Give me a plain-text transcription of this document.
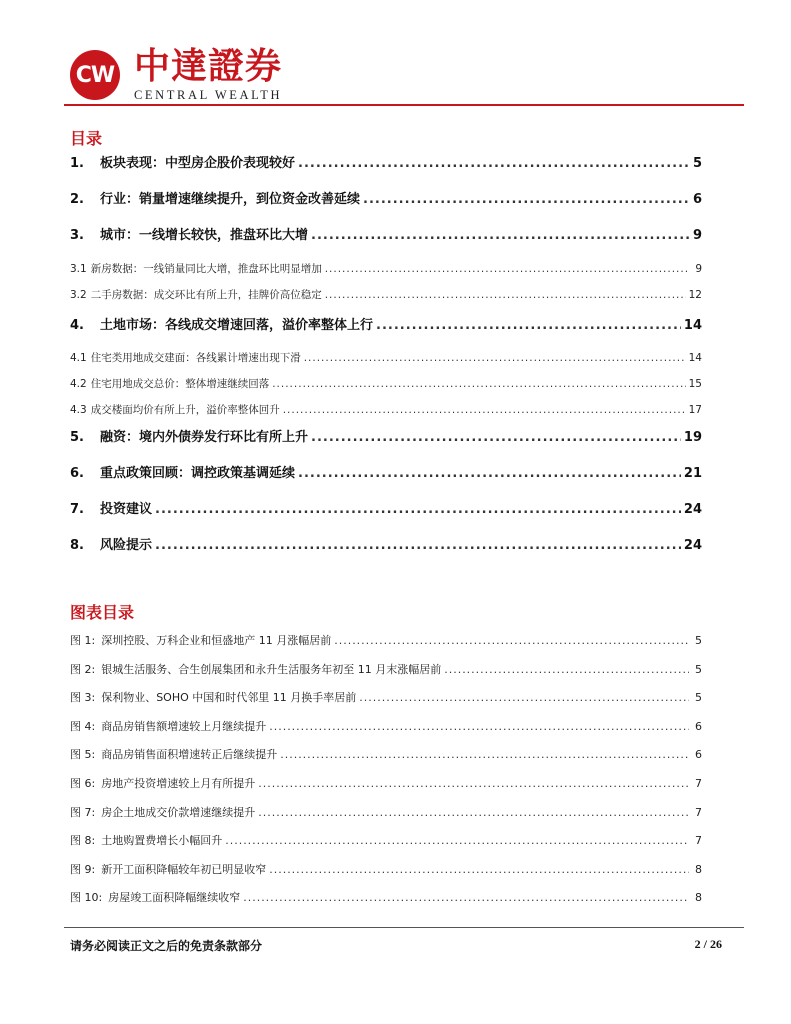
CW 中達證券
CENTRAL WEALTH
目录
1.	板块表现：中型房企股价表现较好 .....	5
2.	行业：销量增速继续提升，到位资金改善延续 .....	6
3.	城市：一线增长较快，推盘环比大增 .....	9
3.1 新房数据：一线销量同比大增，推盘环比明显增加 .....	9
3.2 二手房数据：成交环比有所上升，挂牌价高位稳定 .....	12
4.	土地市场：各线成交增速回落，溢价率整体上行 .....	14
4.1 住宅类用地成交建面：各线累计增速出现下滑 .....	14
4.2 住宅用地成交总价：整体增速继续回落 .....	15
4.3 成交楼面均价有所上升，溢价率整体回升 .....	17
5.	融资：境内外债券发行环比有所上升 .....	19
6.	重点政策回顾：调控政策基调延续 .....	21
7.	投资建议 .....	24
8.	风险提示 .....	24
图表目录
图 1: 深圳控股、万科企业和恒盛地产 11 月涨幅居前 .....	5
图 2: 银城生活服务、合生创展集团和永升生活服务年初至 11 月末涨幅居前 .....	5
图 3: 保利物业、SOHO 中国和时代邻里 11 月换手率居前 .....	5
图 4: 商品房销售额增速较上月继续提升 .....	6
图 5: 商品房销售面积增速转正后继续提升 .....	6
图 6: 房地产投资增速较上月有所提升 .....	7
图 7: 房企土地成交价款增速继续提升 .....	7
图 8: 土地购置费增长小幅回升 .....	7
图 9: 新开工面积降幅较年初已明显收窄 .....	8
图 10: 房屋竣工面积降幅继续收窄 .....	8
请务必阅读正文之后的免责条款部分	2 / 26
